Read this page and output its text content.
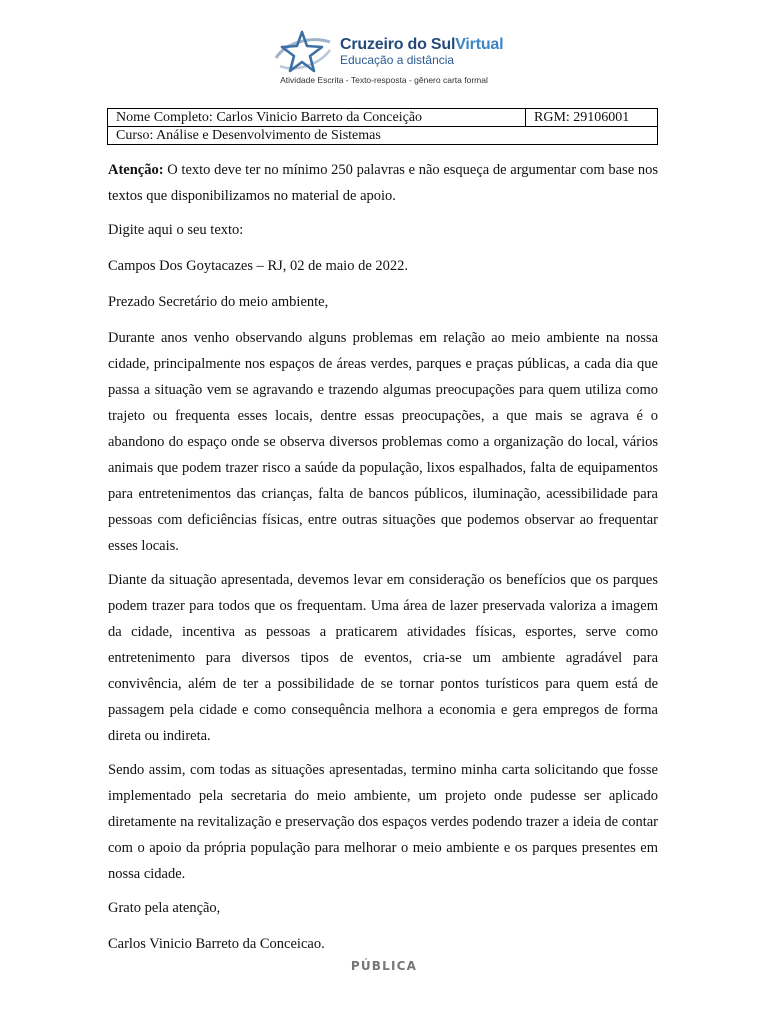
Cruzeiro do SulVirtual
Educação a distância
Atividade Escrita - Texto-resposta - gênero carta formal
Nome Completo: Carlos Vinicio Barreto da Conceição	RGM: 29106001
Curso: Análise e Desenvolvimento de Sistemas

Atenção: O texto deve ter no mínimo 250 palavras e não esqueça de argumentar com base nos textos que disponibilizamos no material de apoio.

Digite aqui o seu texto:

Campos Dos Goytacazes – RJ, 02 de maio de 2022.

Prezado Secretário do meio ambiente,

Durante anos venho observando alguns problemas em relação ao meio ambiente na nossa cidade, principalmente nos espaços de áreas verdes, parques e praças públicas, a cada dia que passa a situação vem se agravando e trazendo algumas preocupações para quem utiliza como trajeto ou frequenta esses locais, dentre essas preocupações, a que mais se agrava é o abandono do espaço onde se observa diversos problemas como a organização do local, vários animais que podem trazer risco a saúde da população, lixos espalhados, falta de equipamentos para entretenimentos das crianças, falta de bancos públicos, iluminação, acessibilidade para pessoas com deficiências físicas, entre outras situações que podemos observar ao frequentar esses locais.

Diante da situação apresentada, devemos levar em consideração os benefícios que os parques podem trazer para todos que os frequentam. Uma área de lazer preservada valoriza a imagem da cidade, incentiva as pessoas a praticarem atividades físicas, esportes, serve como entretenimento para diversos tipos de eventos, cria-se um ambiente agradável para convivência, além de ter a possibilidade de se tornar pontos turísticos para quem está de passagem pela cidade e como consequência melhora a economia e gera empregos de forma direta ou indireta.

Sendo assim, com todas as situações apresentadas, termino minha carta solicitando que fosse implementado pela secretaria do meio ambiente, um projeto onde pudesse ser aplicado diretamente na revitalização e preservação dos espaços verdes podendo trazer a ideia de contar com o apoio da própria população para melhorar o meio ambiente e os parques presentes em nossa cidade.

Grato pela atenção,

Carlos Vinicio Barreto da Conceicao.

PÚBLICA
